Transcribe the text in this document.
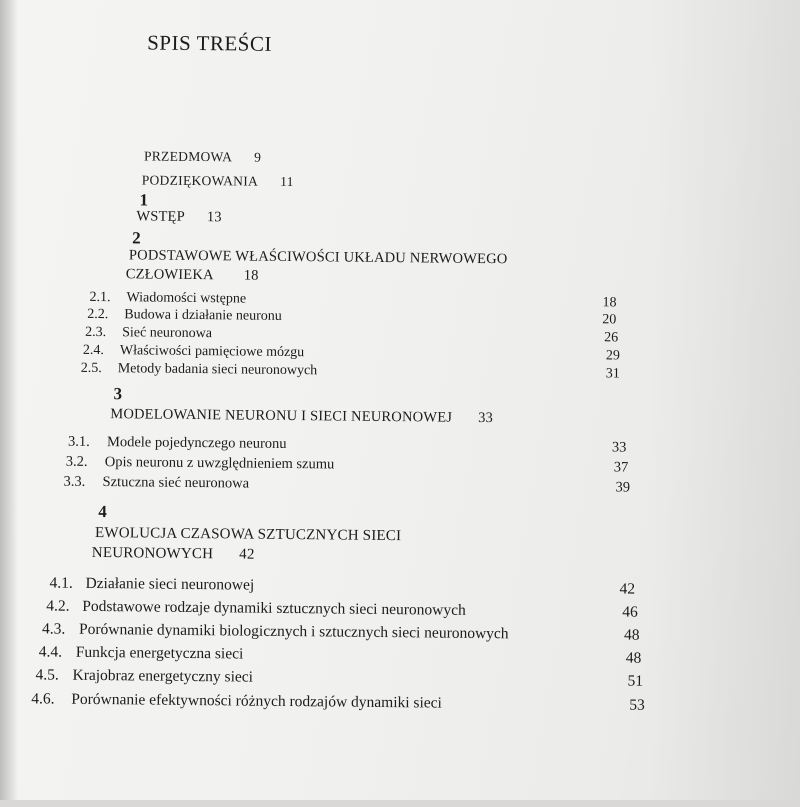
SPIS TREŚCI
PRZEDMOWA 9
PODZIĘKOWANIA 11
1
WSTĘP 13
2
PODSTAWOWE WŁAŚCIWOŚCI UKŁADU NERWOWEGO
CZŁOWIEKA 18
2.1. Wiadomości wstępne	18
2.2. Budowa i działanie neuronu	20
2.3. Sieć neuronowa	26
2.4. Właściwości pamięciowe mózgu	29
2.5. Metody badania sieci neuronowych	31
3
MODELOWANIE NEURONU I SIECI NEURONOWEJ 33
3.1. Modele pojedynczego neuronu	33
3.2. Opis neuronu z uwzględnieniem szumu	37
3.3. Sztuczna sieć neuronowa	39
4
EWOLUCJA CZASOWA SZTUCZNYCH SIECI
NEURONOWYCH 42
4.1. Działanie sieci neuronowej	42
4.2. Podstawowe rodzaje dynamiki sztucznych sieci neuronowych	46
4.3. Porównanie dynamiki biologicznych i sztucznych sieci neuronowych	48
4.4. Funkcja energetyczna sieci	48
4.5. Krajobraz energetyczny sieci	51
4.6. Porównanie efektywności różnych rodzajów dynamiki sieci	53
